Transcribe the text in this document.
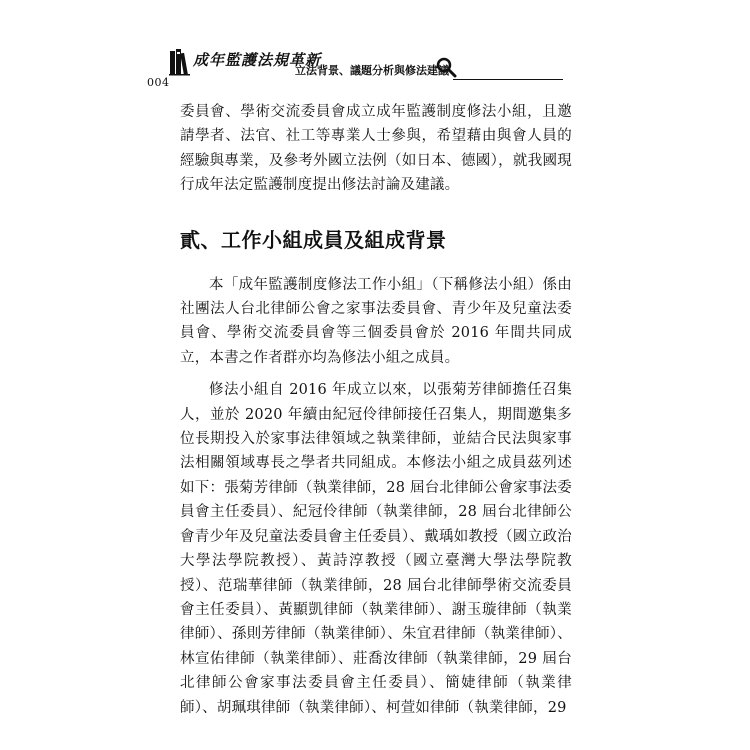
004
成年監護法規革新
立法背景、議題分析與修法建議

委員會、學術交流委員會成立成年監護制度修法小組，且邀請學者、法官、社工等專業人士參與，希望藉由與會人員的經驗與專業，及參考外國立法例（如日本、德國），就我國現行成年法定監護制度提出修法討論及建議。

貳、工作小組成員及組成背景

本「成年監護制度修法工作小組」（下稱修法小組）係由社團法人台北律師公會之家事法委員會、青少年及兒童法委員會、學術交流委員會等三個委員會於 2016 年間共同成立，本書之作者群亦均為修法小組之成員。

修法小組自 2016 年成立以來，以張菊芳律師擔任召集人，並於 2020 年續由紀冠伶律師接任召集人，期間邀集多位長期投入於家事法律領域之執業律師，並結合民法與家事法相關領域專長之學者共同組成。本修法小組之成員茲列述如下：張菊芳律師（執業律師，28 屆台北律師公會家事法委員會主任委員）、紀冠伶律師（執業律師，28 屆台北律師公會青少年及兒童法委員會主任委員）、戴瑀如教授（國立政治大學法學院教授）、黃詩淳教授（國立臺灣大學法學院教授）、范瑞華律師（執業律師，28 屆台北律師學術交流委員會主任委員）、黃顯凱律師（執業律師）、謝玉璇律師（執業律師）、孫則芳律師（執業律師）、朱宜君律師（執業律師）、林宣佑律師（執業律師）、莊喬汝律師（執業律師，29 屆台北律師公會家事法委員會主任委員）、簡婕律師（執業律師）、胡珮琪律師（執業律師）、柯萱如律師（執業律師，29
